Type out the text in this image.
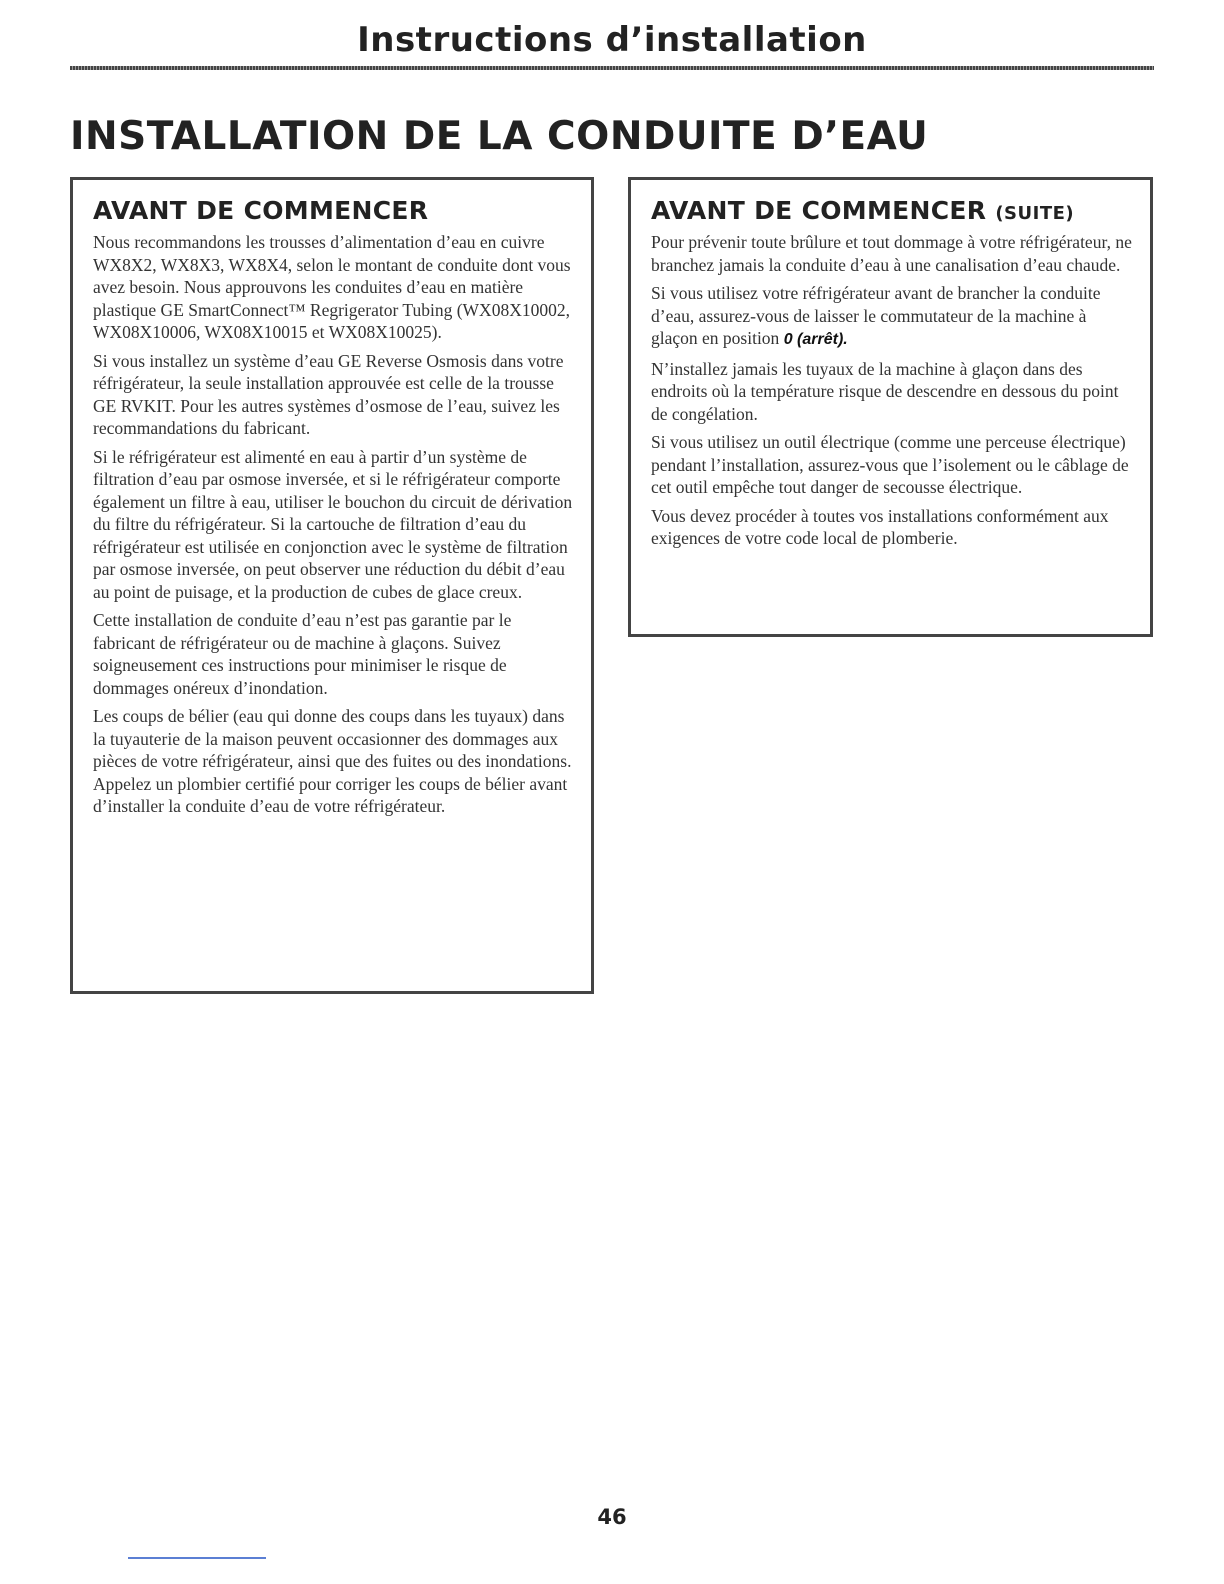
Instructions d’installation
INSTALLATION DE LA CONDUITE D’EAU
AVANT DE COMMENCER

Nous recommandons les trousses d’alimentation d’eau en cuivre WX8X2, WX8X3, WX8X4, selon le montant de conduite dont vous avez besoin. Nous approuvons les conduites d’eau en matière plastique GE SmartConnect™ Regrigerator Tubing (WX08X10002, WX08X10006, WX08X10015 et WX08X10025).

Si vous installez un système d’eau GE Reverse Osmosis dans votre réfrigérateur, la seule installation approuvée est celle de la trousse GE RVKIT. Pour les autres systèmes d’osmose de l’eau, suivez les recommandations du fabricant.

Si le réfrigérateur est alimenté en eau à partir d’un système de filtration d’eau par osmose inversée, et si le réfrigérateur comporte également un filtre à eau, utiliser le bouchon du circuit de dérivation du filtre du réfrigérateur. Si la cartouche de filtration d’eau du réfrigérateur est utilisée en conjonction avec le système de filtration par osmose inversée, on peut observer une réduction du débit d’eau au point de puisage, et la production de cubes de glace creux.

Cette installation de conduite d’eau n’est pas garantie par le fabricant de réfrigérateur ou de machine à glaçons. Suivez soigneusement ces instructions pour minimiser le risque de dommages onéreux d’inondation.

Les coups de bélier (eau qui donne des coups dans les tuyaux) dans la tuyauterie de la maison peuvent occasionner des dommages aux pièces de votre réfrigérateur, ainsi que des fuites ou des inondations. Appelez un plombier certifié pour corriger les coups de bélier avant d’installer la conduite d’eau de votre réfrigérateur.

AVANT DE COMMENCER (SUITE)

Pour prévenir toute brûlure et tout dommage à votre réfrigérateur, ne branchez jamais la conduite d’eau à une canalisation d’eau chaude.

Si vous utilisez votre réfrigérateur avant de brancher la conduite d’eau, assurez-vous de laisser le commutateur de la machine à glaçon en position 0 (arrêt).

N’installez jamais les tuyaux de la machine à glaçon dans des endroits où la température risque de descendre en dessous du point de congélation.

Si vous utilisez un outil électrique (comme une perceuse électrique) pendant l’installation, assurez-vous que l’isolement ou le câblage de cet outil empêche tout danger de secousse électrique.

Vous devez procéder à toutes vos installations conformément aux exigences de votre code local de plomberie.

46
